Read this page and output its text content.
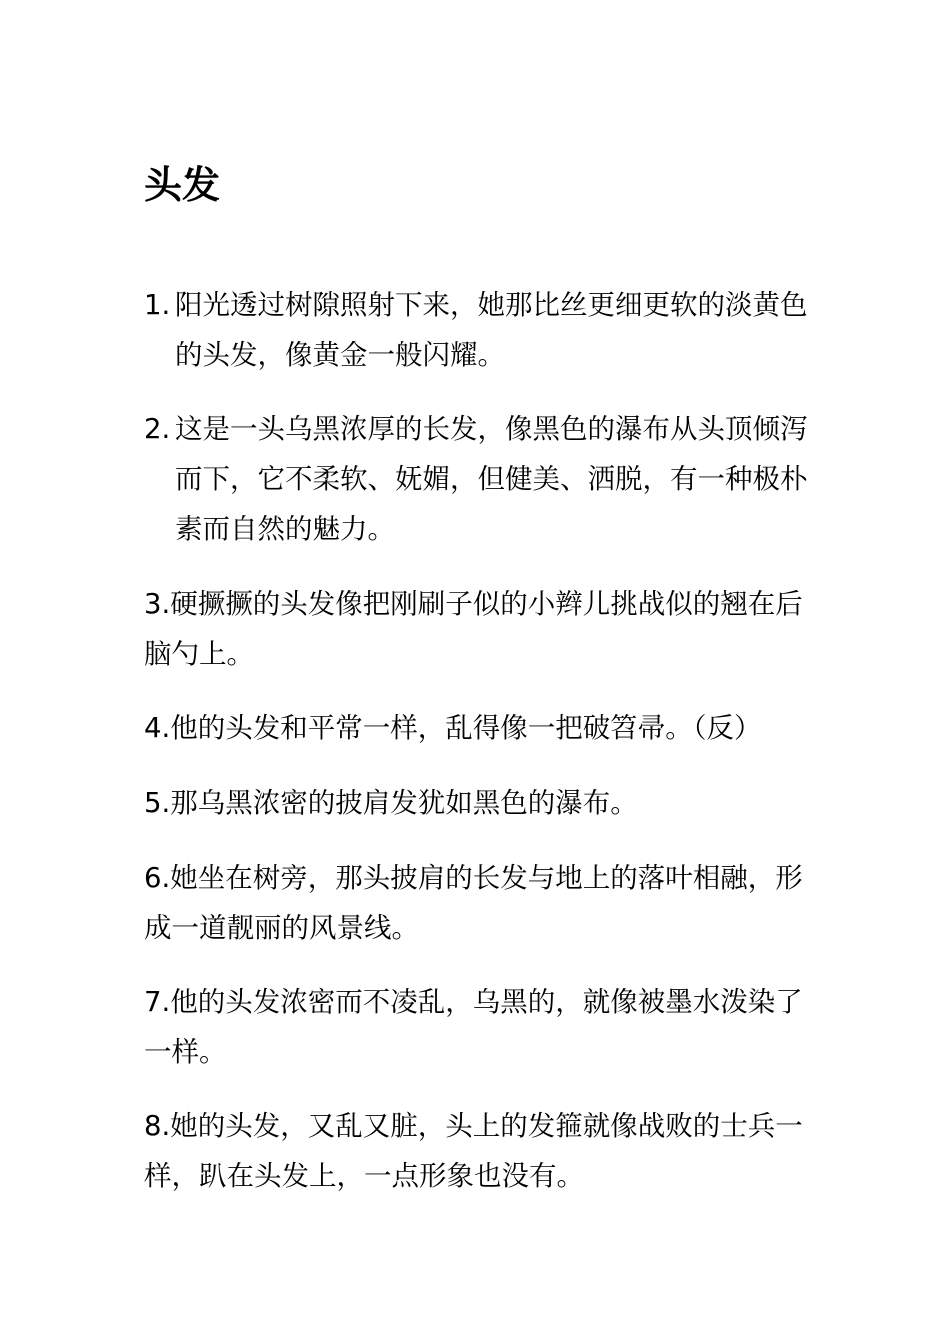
头发

1. 阳光透过树隙照射下来，她那比丝更细更软的淡黄色的头发，像黄金一般闪耀。

2. 这是一头乌黑浓厚的长发，像黑色的瀑布从头顶倾泻而下，它不柔软、妩媚，但健美、洒脱，有一种极朴素而自然的魅力。

3.硬撅撅的头发像把刚刷子似的小辫儿挑战似的翘在后脑勺上。

4.他的头发和平常一样，乱得像一把破笤帚。（反）

5.那乌黑浓密的披肩发犹如黑色的瀑布。

6.她坐在树旁，那头披肩的长发与地上的落叶相融，形成一道靓丽的风景线。

7.他的头发浓密而不凌乱，乌黑的，就像被墨水泼染了一样。

8.她的头发，又乱又脏，头上的发箍就像战败的士兵一样，趴在头发上，一点形象也没有。
